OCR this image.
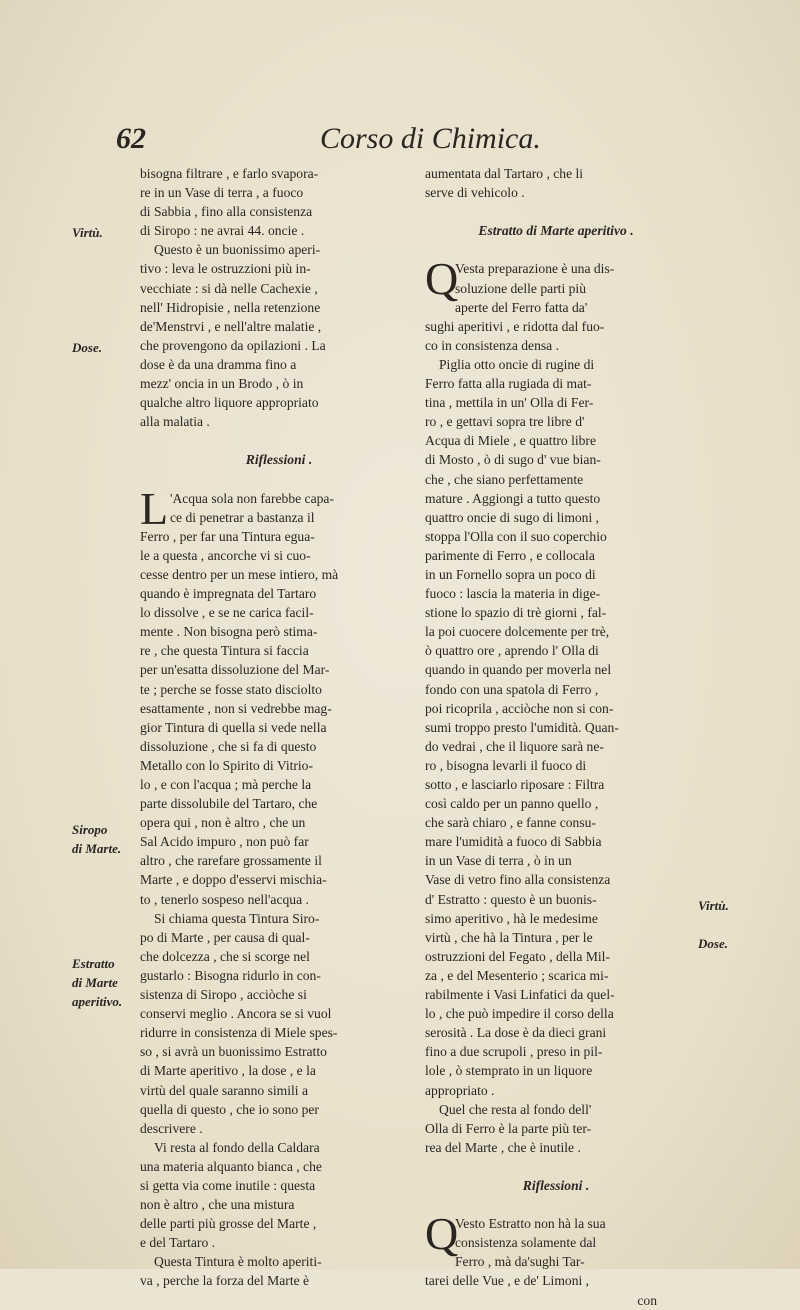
62	Corso di Chimica.
bisogna filtrare , e farlo svapora-
re in un Vase di terra , a fuoco
di Sabbia , fino alla consistenza
di Siropo : ne avrai 44. oncie .
Questo è un buonissimo aperi-
tivo : leva le ostruzzioni più in-
vecchiate : si dà nelle Cachexie ,
nell' Hidropisie , nella retenzione
de'Menstrvi , e nell'altre malatie ,
che provengono da opilazioni . La
dose è da una dramma fino a
mezz' oncia in un Brodo , ò in
qualche altro liquore appropriato
alla malatia .
Riflessioni .
L 'Acqua sola non farebbe capa-
ce di penetrar a bastanza il
Ferro , per far una Tintura egua-
le a questa , ancorche vi si cuo-
cesse dentro per un mese intiero, mà
quando è impregnata del Tartaro
lo dissolve , e se ne carica facil-
mente . Non bisogna però stima-
re , che questa Tintura si faccia
per un'esatta dissoluzione del Mar-
te ; perche se fosse stato disciolto
esattamente , non si vedrebbe mag-
gior Tintura di quella si vede nella
dissoluzione , che si fa di questo
Metallo con lo Spirito di Vitrio-
lo , e con l'acqua ; mà perche la
parte dissolubile del Tartaro, che
opera qui , non è altro , che un
Sal Acido impuro , non può far
altro , che rarefare grossamente il
Marte , e doppo d'esservi mischia-
to , tenerlo sospeso nell'acqua .
Si chiama questa Tintura Siro-
po di Marte , per causa di qual-
che dolcezza , che si scorge nel
gustarlo : Bisogna ridurlo in con-
sistenza di Siropo , acciòche si
conservi meglio . Ancora se si vuol
ridurre in consistenza di Miele spes-
so , si avrà un buonissimo Estratto
di Marte aperitivo , la dose , e la
virtù del quale saranno simili a
quella di questo , che io sono per
descrivere .
Vi resta al fondo della Caldara
una materia alquanto bianca , che
si getta via come inutile : questa
non è altro , che una mistura
delle parti più grosse del Marte ,
e del Tartaro .
Questa Tintura è molto aperiti-
va , perche la forza del Marte è
aumentata dal Tartaro , che li
serve di vehicolo .
Estratto di Marte aperitivo .
Q
Vesta preparazione è una dis-
soluzione delle parti più
aperte del Ferro fatta da'
sughi aperitivi , e ridotta dal fuo-
co in consistenza densa .
Piglia otto oncie di rugine di
Ferro fatta alla rugiada di mat-
tina , mettila in un' Olla di Fer-
ro , e gettavi sopra tre libre d'
Acqua di Miele , e quattro libre
di Mosto , ò di sugo d' vue bian-
che , che siano perfettamente
mature . Aggiongi a tutto questo
quattro oncie di sugo di limoni ,
stoppa l'Olla con il suo coperchio
parimente di Ferro , e collocala
in un Fornello sopra un poco di
fuoco : lascia la materia in dige-
stione lo spazio di trè giorni , fal-
la poi cuocere dolcemente per trè,
ò quattro ore , aprendo l' Olla di
quando in quando per moverla nel
fondo con una spatola di Ferro ,
poi ricoprila , acciòche non si con-
sumi troppo presto l'umidità. Quan-
do vedrai , che il liquore sarà ne-
ro , bisogna levarli il fuoco di
sotto , e lasciarlo riposare : Filtra
così caldo per un panno quello ,
che sarà chiaro , e fanne consu-
mare l'umidità a fuoco di Sabbia
in un Vase di terra , ò in un
Vase di vetro fino alla consistenza
d' Estratto : questo è un buonis-
simo aperitivo , hà le medesime
virtù , che hà la Tintura , per le
ostruzzioni del Fegato , della Mil-
za , e del Mesenterio ; scarica mi-
rabilmente i Vasi Linfatici da quel-
lo , che può impedire il corso della
serosità . La dose è da dieci grani
fino a due scrupoli , preso in pil-
lole , ò stemprato in un liquore
appropriato .
Quel che resta al fondo dell'
Olla di Ferro è la parte più ter-
rea del Marte , che è inutile .
Riflessioni .
Q
Vesto Estratto non hà la sua
consistenza solamente dal
Ferro , mà da'sughi Tar-
tarei delle Vue , e de' Limoni ,
con
Virtù.
Dose.
Siropo
di Marte.
Estratto
di Marte
aperitivo.
Virtù.
Dose.
